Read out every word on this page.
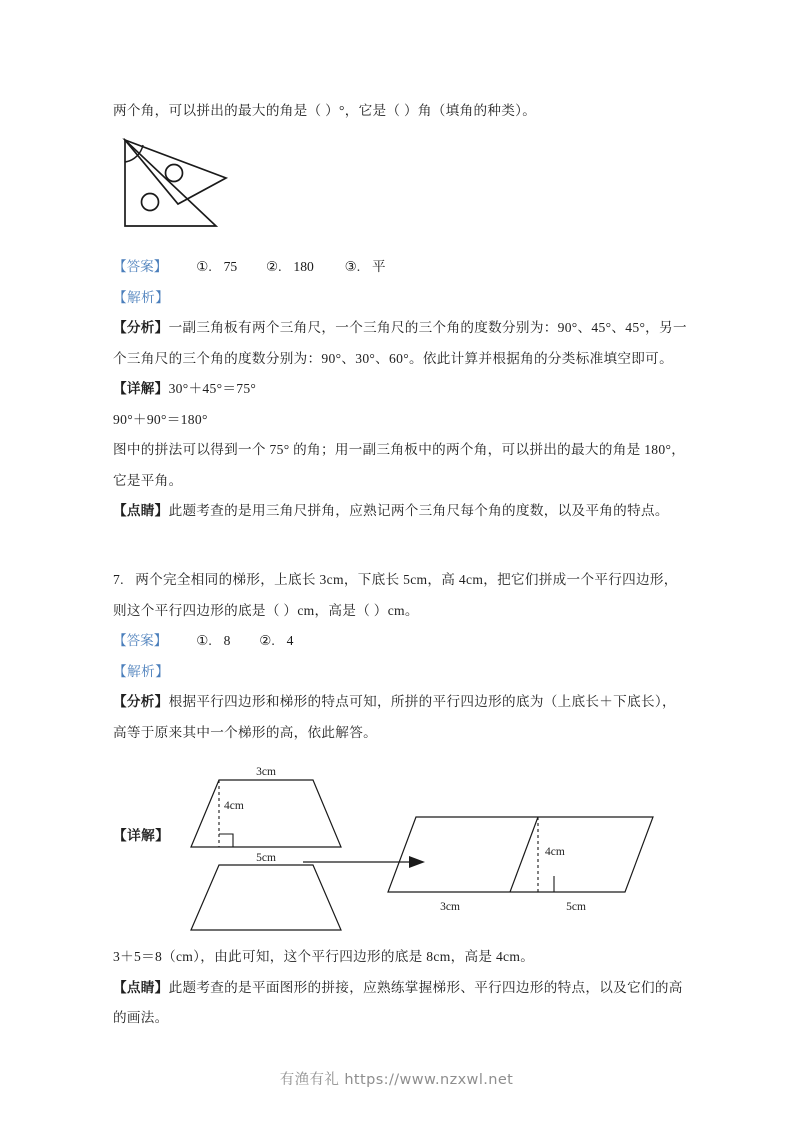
两个角，可以拼出的最大的角是（ ）°，它是（ ）角（填角的种类）。
【答案】 ①. 75 ②. 180 ③. 平
【解析】
【分析】一副三角板有两个三角尺，一个三角尺的三个角的度数分别为：90°、45°、45°，另一个三角尺的三个角的度数分别为：90°、30°、60°。依此计算并根据角的分类标准填空即可。
【详解】30°＋45°＝75°
90°＋90°＝180°
图中的拼法可以得到一个 75° 的角；用一副三角板中的两个角，可以拼出的最大的角是 180°，它是平角。
【点睛】此题考查的是用三角尺拼角，应熟记两个三角尺每个角的度数，以及平角的特点。
7. 两个完全相同的梯形，上底长 3cm，下底长 5cm，高 4cm，把它们拼成一个平行四边形，
则这个平行四边形的底是（ ）cm，高是（ ）cm。
【答案】 ①. 8 ②. 4
【解析】
【分析】根据平行四边形和梯形的特点可知，所拼的平行四边形的底为（上底长＋下底长），高等于原来其中一个梯形的高，依此解答。
【详解】
3cm
4cm
5cm	4cm
3cm	5cm
3＋5＝8（cm），由此可知，这个平行四边形的底是 8cm，高是 4cm。
【点睛】此题考查的是平面图形的拼接，应熟练掌握梯形、平行四边形的特点，以及它们的高的画法。
有渔有礼 https://www.nzxwl.net
